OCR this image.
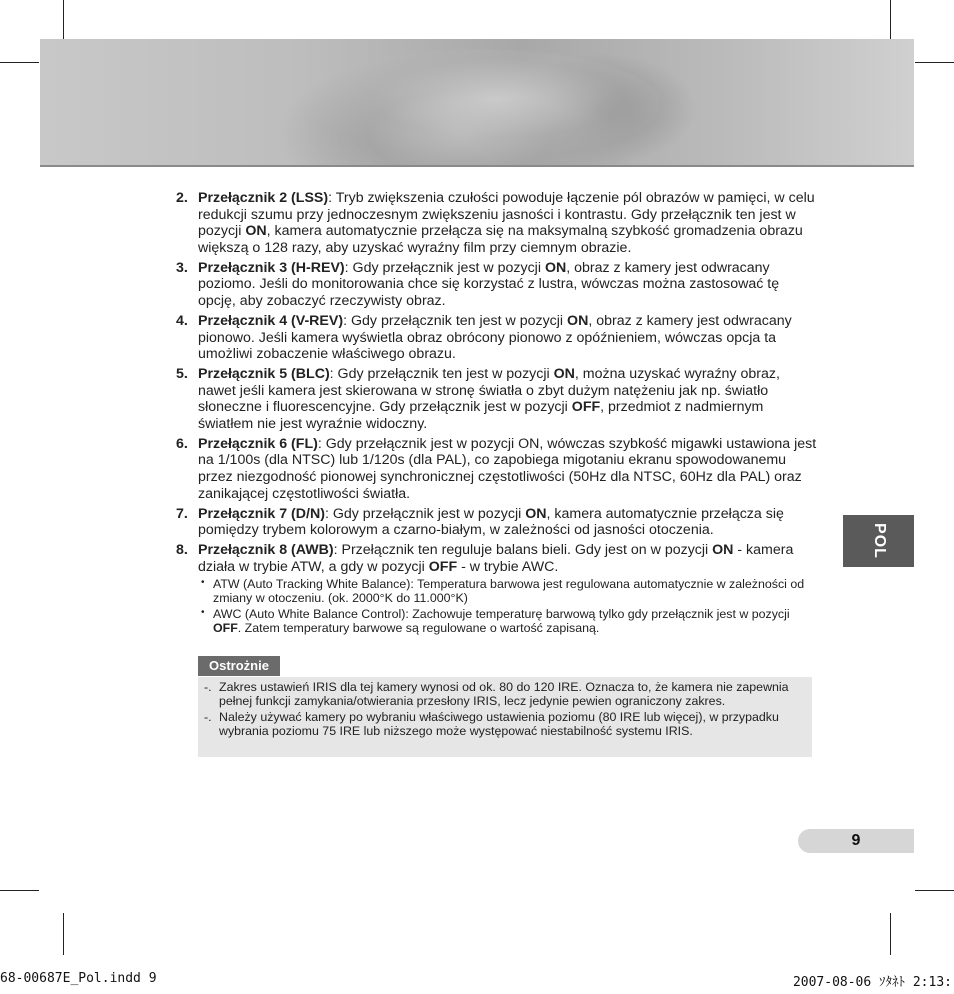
2. Przełącznik 2 (LSS): Tryb zwiększenia czułości powoduje łączenie pól obrazów w pamięci, w celu redukcji szumu przy jednoczesnym zwiększeniu jasności i kontrastu. Gdy przełącznik ten jest w pozycji ON, kamera automatycznie przełącza się na maksymalną szybkość gromadzenia obrazu większą o 128 razy, aby uzyskać wyraźny film przy ciemnym obrazie.
3. Przełącznik 3 (H-REV): Gdy przełącznik jest w pozycji ON, obraz z kamery jest odwracany poziomo. Jeśli do monitorowania chce się korzystać z lustra, wówczas można zastosować tę opcję, aby zobaczyć rzeczywisty obraz.
4. Przełącznik 4 (V-REV): Gdy przełącznik ten jest w pozycji ON, obraz z kamery jest odwracany pionowo. Jeśli kamera wyświetla obraz obrócony pionowo z opóźnieniem, wówczas opcja ta umożliwi zobaczenie właściwego obrazu.
5. Przełącznik 5 (BLC): Gdy przełącznik ten jest w pozycji ON, można uzyskać wyraźny obraz, nawet jeśli kamera jest skierowana w stronę światła o zbyt dużym natężeniu jak np. światło słoneczne i fluorescencyjne. Gdy przełącznik jest w pozycji OFF, przedmiot z nadmiernym światłem nie jest wyraźnie widoczny.
6. Przełącznik 6 (FL): Gdy przełącznik jest w pozycji ON, wówczas szybkość migawki ustawiona jest na 1/100s (dla NTSC) lub 1/120s (dla PAL), co zapobiega migotaniu ekranu spowodowanemu przez niezgodność pionowej synchronicznej częstotliwości (50Hz dla NTSC, 60Hz dla PAL) oraz zanikającej częstotliwości światła.
7. Przełącznik 7 (D/N): Gdy przełącznik jest w pozycji ON, kamera automatycznie przełącza się pomiędzy trybem kolorowym a czarno-białym, w zależności od jasności otoczenia.
8. Przełącznik 8 (AWB): Przełącznik ten reguluje balans bieli. Gdy jest on w pozycji ON - kamera działa w trybie ATW, a gdy w pozycji OFF - w trybie AWC.
• ATW (Auto Tracking White Balance): Temperatura barwowa jest regulowana automatycznie w zależności od zmiany w otoczeniu. (ok. 2000°K do 11.000°K)
• AWC (Auto White Balance Control): Zachowuje temperaturę barwową tylko gdy przełącznik jest w pozycji OFF. Zatem temperatury barwowe są regulowane o wartość zapisaną.
Ostrożnie
-. Zakres ustawień IRIS dla tej kamery wynosi od ok. 80 do 120 IRE. Oznacza to, że kamera nie zapewnia pełnej funkcji zamykania/otwierania przesłony IRIS, lecz jedynie pewien ograniczony zakres.
-. Należy używać kamery po wybraniu właściwego ustawienia poziomu (80 IRE lub więcej), w przypadku wybrania poziomu 75 IRE lub niższego może występować niestabilność systemu IRIS.
POL
9
68-00687E_Pol.indd 9	2007-08-06 ｿﾀﾈﾄ 2:13:
